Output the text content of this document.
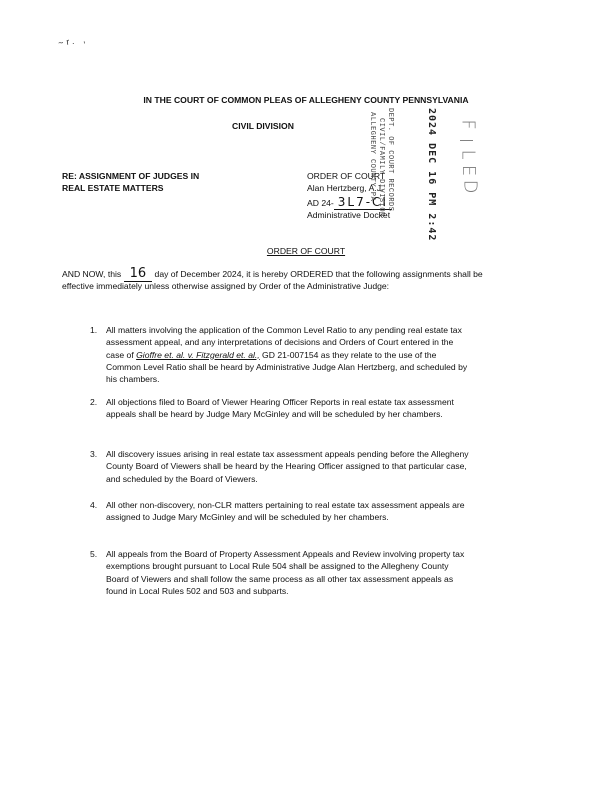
~r. ,
IN THE COURT OF COMMON PLEAS OF ALLEGHENY COUNTY PENNSYLVANIA
CIVIL DIVISION
RE: ASSIGNMENT OF JUDGES IN
REAL ESTATE MATTERS
ORDER OF COURT
Alan Hertzberg, A.J.
AD 24- 3L7-CI
Administrative Docket
DEPT. OF COURT RECORDS
CIVIL/FAMILY DIVISION
ALLEGHENY COUNTY PA	2024 DEC 16 PM 2:42 F
I
L
E
D
ORDER OF COURT
AND NOW, this 16 day of December 2024, it is hereby ORDERED that the following assignments shall be effective immediately unless otherwise assigned by Order of the Administrative Judge:
1. All matters involving the application of the Common Level Ratio to any pending real estate tax assessment appeal, and any interpretations of decisions and Orders of Court entered in the case of Gioffre et. al. v. Fitzgerald et. al., GD 21-007154 as they relate to the use of the Common Level Ratio shall be heard by Administrative Judge Alan Hertzberg, and scheduled by his chambers.
2. All objections filed to Board of Viewer Hearing Officer Reports in real estate tax assessment appeals shall be heard by Judge Mary McGinley and will be scheduled by her chambers.
3. All discovery issues arising in real estate tax assessment appeals pending before the Allegheny County Board of Viewers shall be heard by the Hearing Officer assigned to that particular case, and scheduled by the Board of Viewers.
4. All other non-discovery, non-CLR matters pertaining to real estate tax assessment appeals are assigned to Judge Mary McGinley and will be scheduled by her chambers.
5. All appeals from the Board of Property Assessment Appeals and Review involving property tax exemptions brought pursuant to Local Rule 504 shall be assigned to the Allegheny County Board of Viewers and shall follow the same process as all other tax assessment appeals as found in Local Rules 502 and 503 and subparts.
